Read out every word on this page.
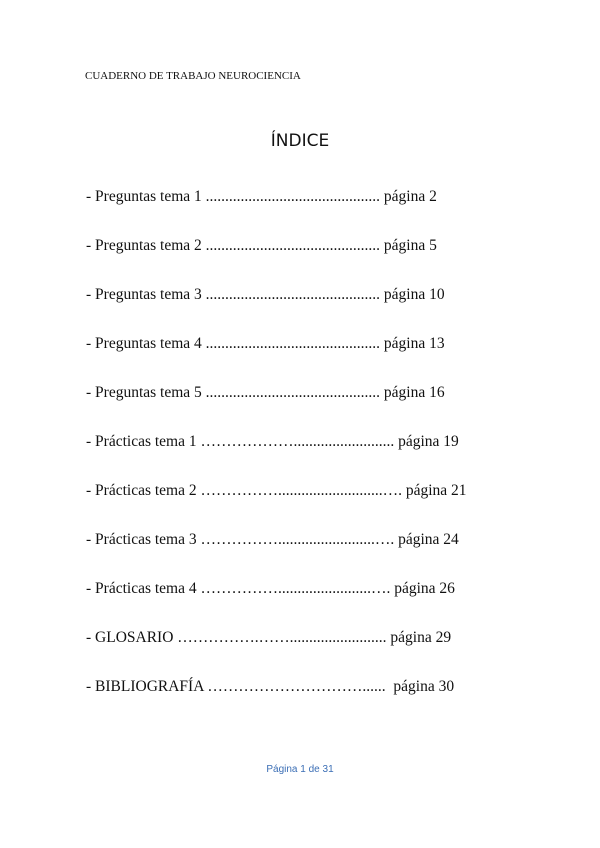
CUADERNO DE TRABAJO NEUROCIENCIA
ÍNDICE
- Preguntas tema 1 ............................................. página 2
- Preguntas tema 2 ............................................. página 5
- Preguntas tema 3 ............................................. página 10
- Preguntas tema 4 ............................................. página 13
- Preguntas tema 5 ............................................. página 16
- Prácticas tema 1 ……………….......................... página 19
- Prácticas tema 2 ……………...........................…. página 21
- Prácticas tema 3 …………….........................…. página 24
- Prácticas tema 4 ……………........................…. página 26
- GLOSARIO …………….……......................... página 29
- BIBLIOGRAFÍA …………………………......  página 30
Página 1 de 31
